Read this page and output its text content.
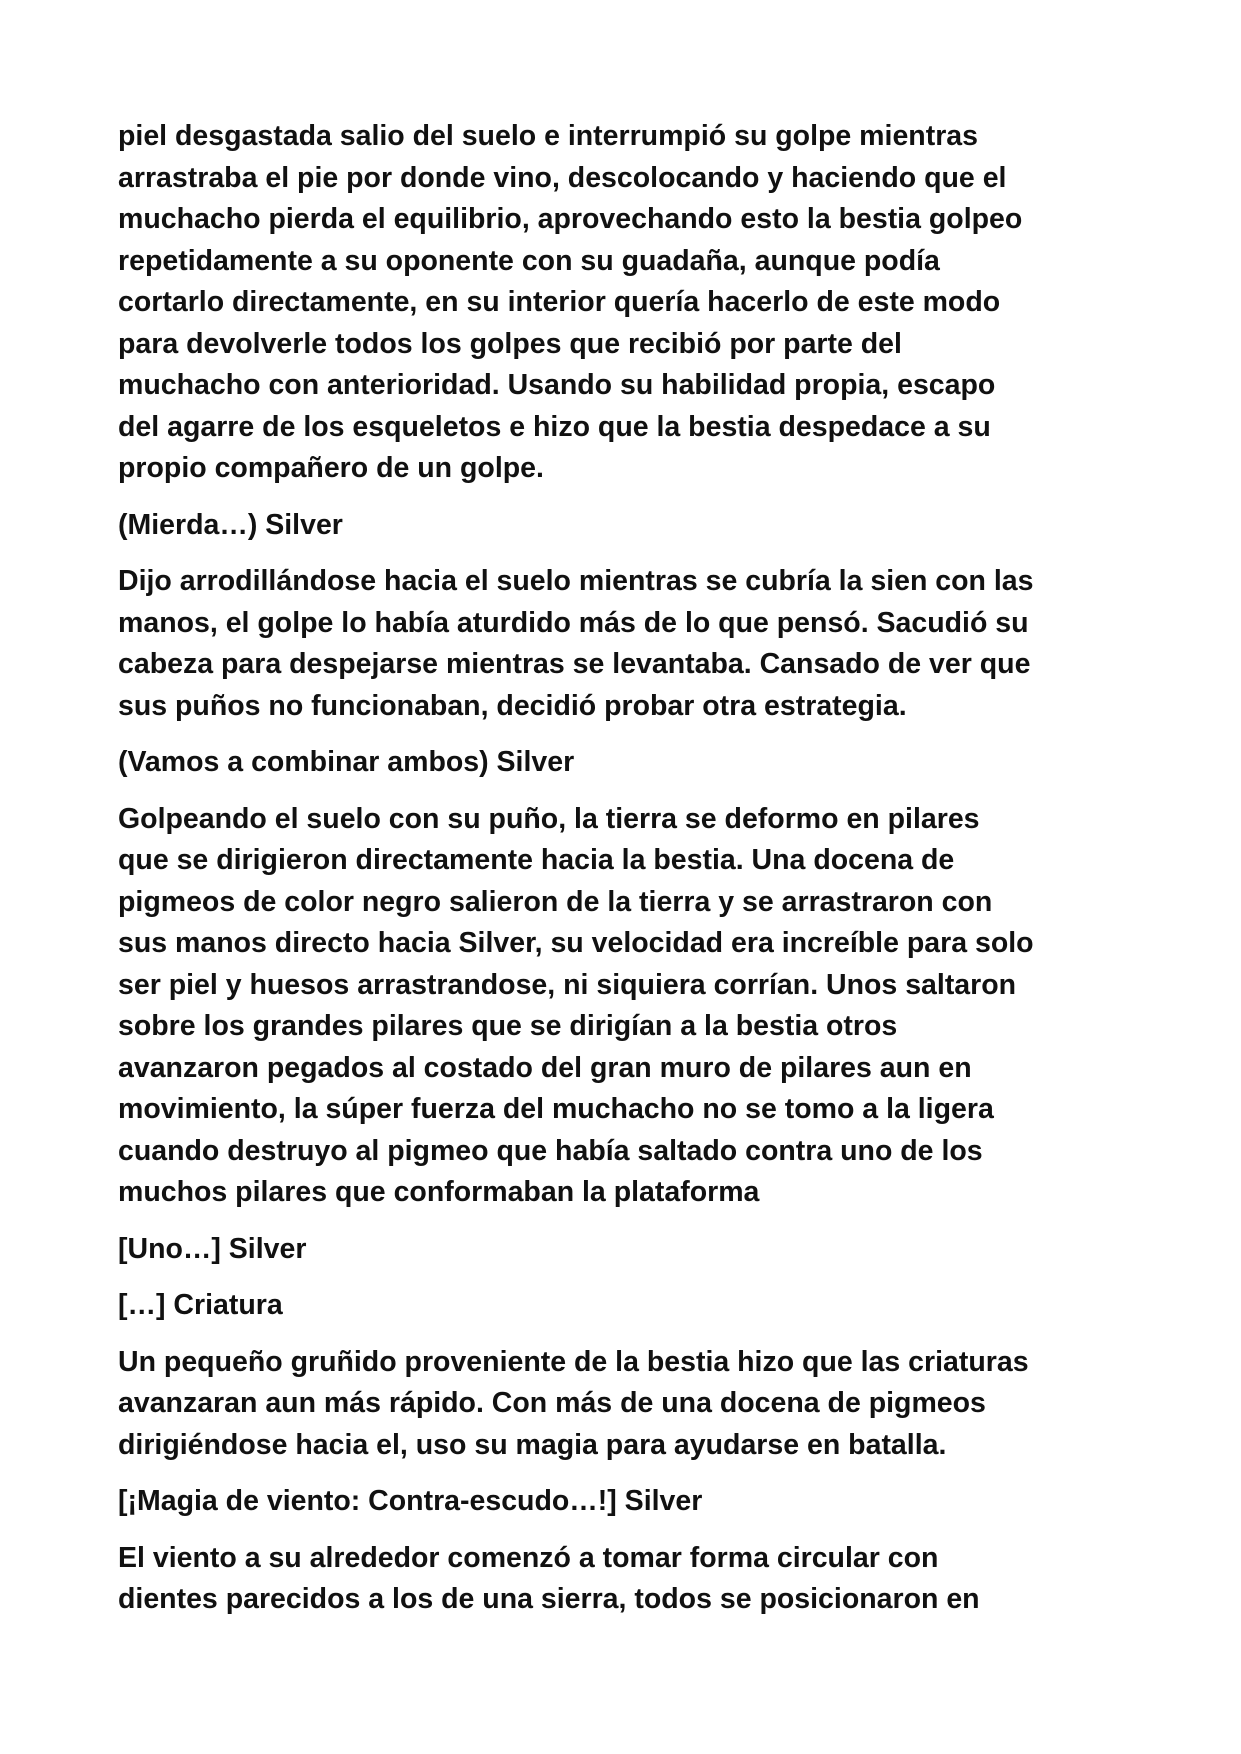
piel desgastada salio del suelo e interrumpió su golpe mientras
arrastraba el pie por donde vino, descolocando y haciendo que el
muchacho pierda el equilibrio, aprovechando esto la bestia golpeo
repetidamente a su oponente con su guadaña, aunque podía
cortarlo directamente, en su interior quería hacerlo de este modo
para devolverle todos los golpes que recibió por parte del
muchacho con anterioridad. Usando su habilidad propia, escapo
del agarre de los esqueletos e hizo que la bestia despedace a su
propio compañero de un golpe.

(Mierda…) Silver

Dijo arrodillándose hacia el suelo mientras se cubría la sien con las
manos, el golpe lo había aturdido más de lo que pensó. Sacudió su
cabeza para despejarse mientras se levantaba. Cansado de ver que
sus puños no funcionaban, decidió probar otra estrategia.

(Vamos a combinar ambos) Silver

Golpeando el suelo con su puño, la tierra se deformo en pilares
que se dirigieron directamente hacia la bestia. Una docena de
pigmeos de color negro salieron de la tierra y se arrastraron con
sus manos directo hacia Silver, su velocidad era increíble para solo
ser piel y huesos arrastrandose, ni siquiera corrían. Unos saltaron
sobre los grandes pilares que se dirigían a la bestia otros
avanzaron pegados al costado del gran muro de pilares aun en
movimiento, la súper fuerza del muchacho no se tomo a la ligera
cuando destruyo al pigmeo que había saltado contra uno de los
muchos pilares que conformaban la plataforma

[Uno…] Silver

[…] Criatura

Un pequeño gruñido proveniente de la bestia hizo que las criaturas
avanzaran aun más rápido. Con más de una docena de pigmeos
dirigiéndose hacia el, uso su magia para ayudarse en batalla.

[¡Magia de viento: Contra-escudo…!] Silver

El viento a su alrededor comenzó a tomar forma circular con
dientes parecidos a los de una sierra, todos se posicionaron en
